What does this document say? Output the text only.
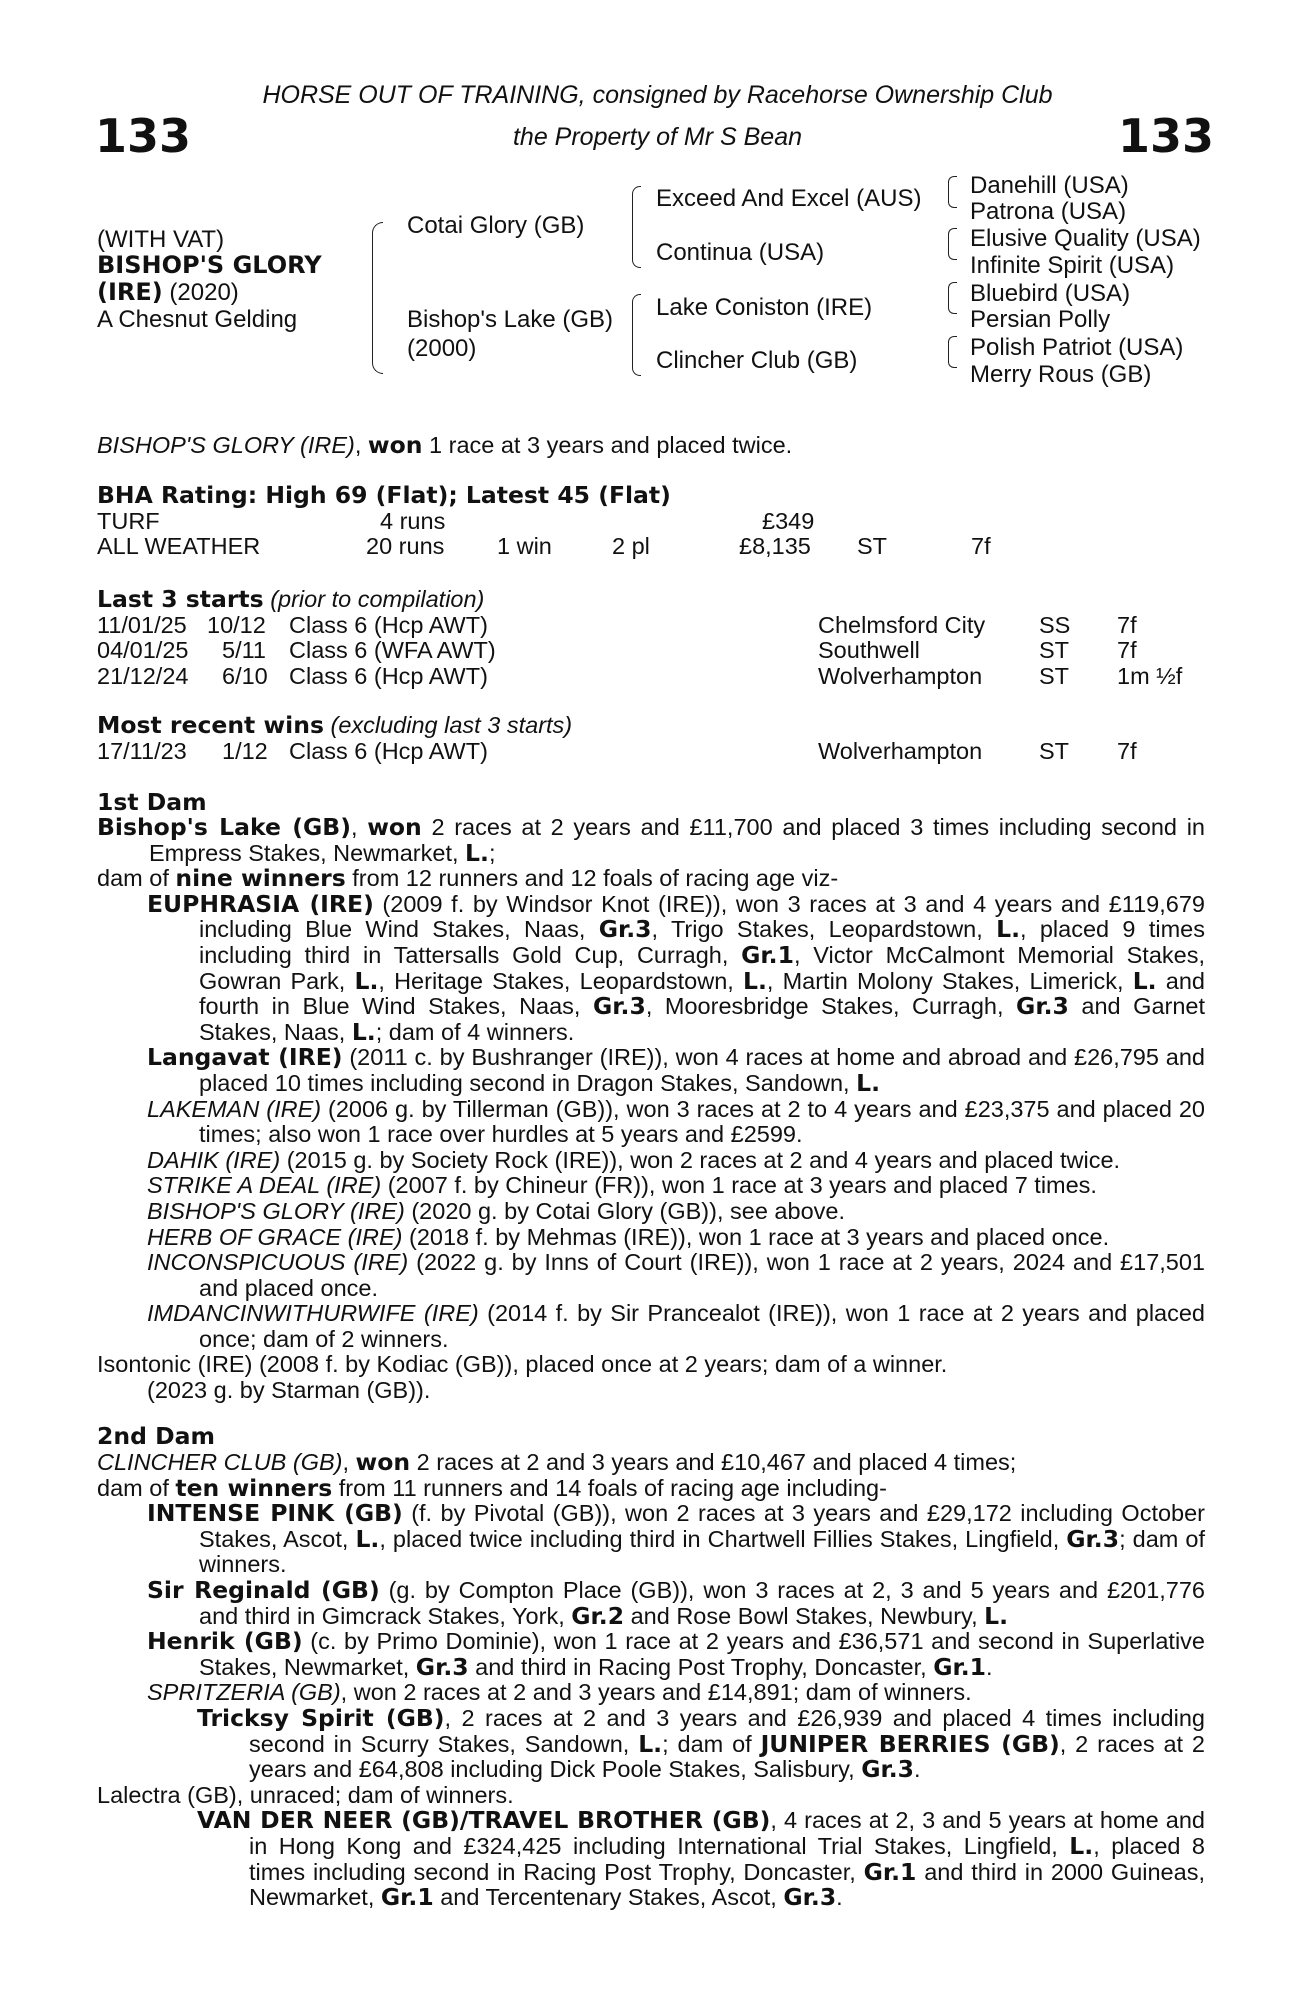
133	133
HORSE OUT OF TRAINING, consigned by Racehorse Ownership Club
the Property of Mr S Bean
(WITH VAT)
BISHOP'S GLORY
(IRE) (2020)
A Chesnut Gelding
Cotai Glory (GB)
Bishop's Lake (GB)
(2000)
Exceed And Excel (AUS)
Continua (USA)
Lake Coniston (IRE)
Clincher Club (GB)
Danehill (USA)
Patrona (USA)
Elusive Quality (USA)
Infinite Spirit (USA)
Bluebird (USA)
Persian Polly
Polish Patriot (USA)
Merry Rous (GB)
BISHOP'S GLORY (IRE), won 1 race at 3 years and placed twice.
BHA Rating: High 69 (Flat); Latest 45 (Flat)
TURF	4 runs	£349
ALL WEATHER	20 runs 1 win	2 pl	£8,135 ST	7f
Last 3 starts (prior to compilation)
11/01/25 10/12 Class 6 (Hcp AWT)	Chelmsford City SS 7f
04/01/25 5/11 Class 6 (WFA AWT)	Southwell	ST 7f
21/12/24 6/10 Class 6 (Hcp AWT)	Wolverhampton ST 1m ½f
Most recent wins (excluding last 3 starts)
17/11/23 1/12 Class 6 (Hcp AWT)	Wolverhampton ST 7f
1st Dam

Bishop's Lake (GB), won 2 races at 2 years and £11,700 and placed 3 times including second in Empress Stakes, Newmarket, L.;

dam of nine winners from 12 runners and 12 foals of racing age viz-

EUPHRASIA (IRE) (2009 f. by Windsor Knot (IRE)), won 3 races at 3 and 4 years and £119,679 including Blue Wind Stakes, Naas, Gr.3, Trigo Stakes, Leopardstown, L., placed 9 times including third in Tattersalls Gold Cup, Curragh, Gr.1, Victor McCalmont Memorial Stakes, Gowran Park, L., Heritage Stakes, Leopardstown, L., Martin Molony Stakes, Limerick, L. and fourth in Blue Wind Stakes, Naas, Gr.3, Mooresbridge Stakes, Curragh, Gr.3 and Garnet Stakes, Naas, L.; dam of 4 winners.

Langavat (IRE) (2011 c. by Bushranger (IRE)), won 4 races at home and abroad and £26,795 and placed 10 times including second in Dragon Stakes, Sandown, L.

LAKEMAN (IRE) (2006 g. by Tillerman (GB)), won 3 races at 2 to 4 years and £23,375 and placed 20 times; also won 1 race over hurdles at 5 years and £2599.

DAHIK (IRE) (2015 g. by Society Rock (IRE)), won 2 races at 2 and 4 years and placed twice.

STRIKE A DEAL (IRE) (2007 f. by Chineur (FR)), won 1 race at 3 years and placed 7 times.

BISHOP'S GLORY (IRE) (2020 g. by Cotai Glory (GB)), see above.

HERB OF GRACE (IRE) (2018 f. by Mehmas (IRE)), won 1 race at 3 years and placed once.

INCONSPICUOUS (IRE) (2022 g. by Inns of Court (IRE)), won 1 race at 2 years, 2024 and £17,501 and placed once.

IMDANCINWITHURWIFE (IRE) (2014 f. by Sir Prancealot (IRE)), won 1 race at 2 years and placed once; dam of 2 winners.

Isontonic (IRE) (2008 f. by Kodiac (GB)), placed once at 2 years; dam of a winner.

(2023 g. by Starman (GB)).

2nd Dam

CLINCHER CLUB (GB), won 2 races at 2 and 3 years and £10,467 and placed 4 times;

dam of ten winners from 11 runners and 14 foals of racing age including-

INTENSE PINK (GB) (f. by Pivotal (GB)), won 2 races at 3 years and £29,172 including October Stakes, Ascot, L., placed twice including third in Chartwell Fillies Stakes, Lingfield, Gr.3; dam of winners.

Sir Reginald (GB) (g. by Compton Place (GB)), won 3 races at 2, 3 and 5 years and £201,776 and third in Gimcrack Stakes, York, Gr.2 and Rose Bowl Stakes, Newbury, L.

Henrik (GB) (c. by Primo Dominie), won 1 race at 2 years and £36,571 and second in Superlative Stakes, Newmarket, Gr.3 and third in Racing Post Trophy, Doncaster, Gr.1.

SPRITZERIA (GB), won 2 races at 2 and 3 years and £14,891; dam of winners.

Tricksy Spirit (GB), 2 races at 2 and 3 years and £26,939 and placed 4 times including second in Scurry Stakes, Sandown, L.; dam of JUNIPER BERRIES (GB), 2 races at 2 years and £64,808 including Dick Poole Stakes, Salisbury, Gr.3.

Lalectra (GB), unraced; dam of winners.

VAN DER NEER (GB)/TRAVEL BROTHER (GB), 4 races at 2, 3 and 5 years at home and in Hong Kong and £324,425 including International Trial Stakes, Lingfield, L., placed 8 times including second in Racing Post Trophy, Doncaster, Gr.1 and third in 2000 Guineas, Newmarket, Gr.1 and Tercentenary Stakes, Ascot, Gr.3.
